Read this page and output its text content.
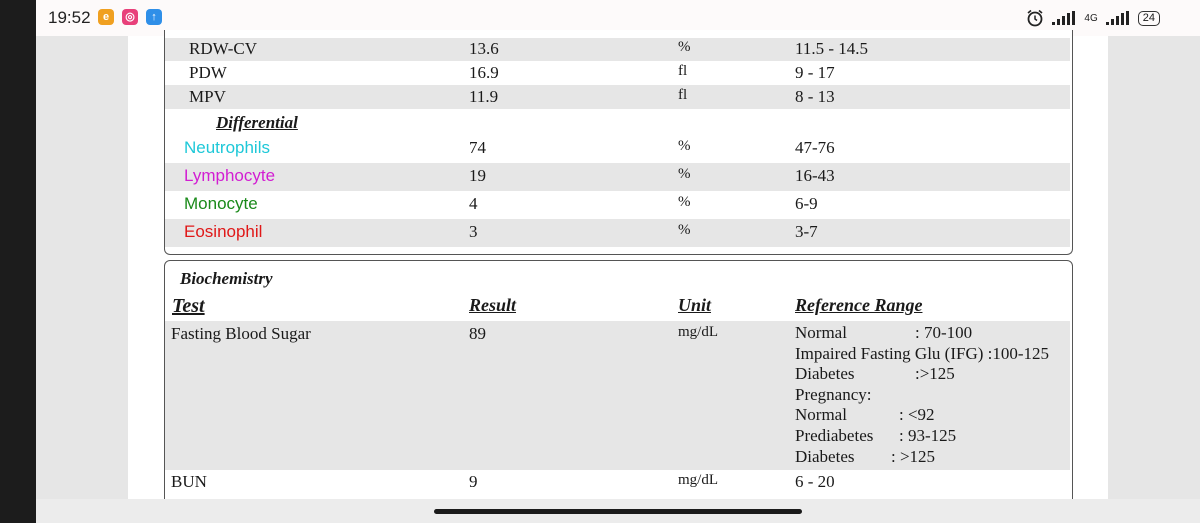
19:52	e	◎	↑	4G	24
RDW-CV	13.6	%	11.5 - 14.5
PDW	16.9	fl	9 - 17
MPV	11.9	fl	8 - 13
Differential
Neutrophils	74	%	47-76
Lymphocyte	19	%	16-43
Monocyte	4	%	6-9
Eosinophil	3	%	3-7
Biochemistry
Test	Result	Unit	Reference Range
Fasting Blood Sugar	89	mg/dL	Normal	: 70-100
Impaired Fasting Glu (IFG) :100-125
Diabetes	:>125
Pregnancy:
Normal	: <92
Prediabetes : 93-125
Diabetes : >125
BUN	9	mg/dL	6 - 20
